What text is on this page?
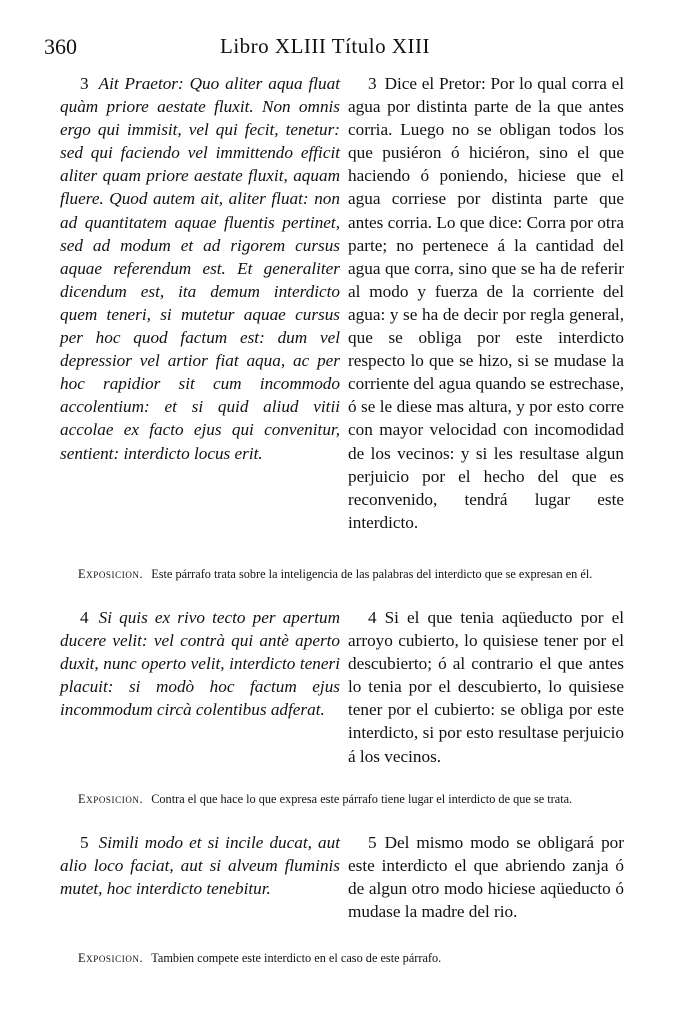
360	Libro XLIII Título XIII

3 Ait Praetor: Quo aliter aqua fluat quàm priore aestate fluxit. Non omnis ergo qui immisit, vel qui fecit, tenetur: sed qui faciendo vel immittendo efficit aliter quam priore aestate fluxit, aquam fluere. Quod autem ait, aliter fluat: non ad quantitatem aquae fluentis pertinet, sed ad modum et ad rigorem cursus aquae referendum est. Et generaliter dicendum est, ita demum interdicto quem teneri, si mutetur aquae cursus per hoc quod factum est: dum vel depressior vel artior fiat aqua, ac per hoc rapidior sit cum incommodo accolentium: et si quid aliud vitii accolae ex facto ejus qui convenitur, sentient: interdicto locus erit.

3 Dice el Pretor: Por lo qual corra el agua por distinta parte de la que antes corria. Luego no se obligan todos los que pusiéron ó hiciéron, sino el que haciendo ó poniendo, hiciese que el agua corriese por distinta parte que antes corria. Lo que dice: Corra por otra parte; no pertenece á la cantidad del agua que corra, sino que se ha de referir al modo y fuerza de la corriente del agua: y se ha de decir por regla general, que se obliga por este interdicto respecto lo que se hizo, si se mudase la corriente del agua quando se estrechase, ó se le diese mas altura, y por esto corre con mayor velocidad con incomodidad de los vecinos: y si les resultase algun perjuicio por el hecho del que es reconvenido, tendrá lugar este interdicto.

Exposicion. Este párrafo trata sobre la inteligencia de las palabras del interdicto que se expresan en él.

4 Si quis ex rivo tecto per apertum ducere velit: vel contrà qui antè aperto duxit, nunc operto velit, interdicto teneri placuit: si modò hoc factum ejus incommodum circà colentibus adferat.

4 Si el que tenia aqüeducto por el arroyo cubierto, lo quisiese tener por el descubierto; ó al contrario el que antes lo tenia por el descubierto, lo quisiese tener por el cubierto: se obliga por este interdicto, si por esto resultase perjuicio á los vecinos.

Exposicion. Contra el que hace lo que expresa este párrafo tiene lugar el interdicto de que se trata.

5 Simili modo et si incile ducat, aut alio loco faciat, aut si alveum fluminis mutet, hoc interdicto tenebitur.

5 Del mismo modo se obligará por este interdicto el que abriendo zanja ó de algun otro modo hiciese aqüeducto ó mudase la madre del rio.

Exposicion. Tambien compete este interdicto en el caso de este párrafo.
